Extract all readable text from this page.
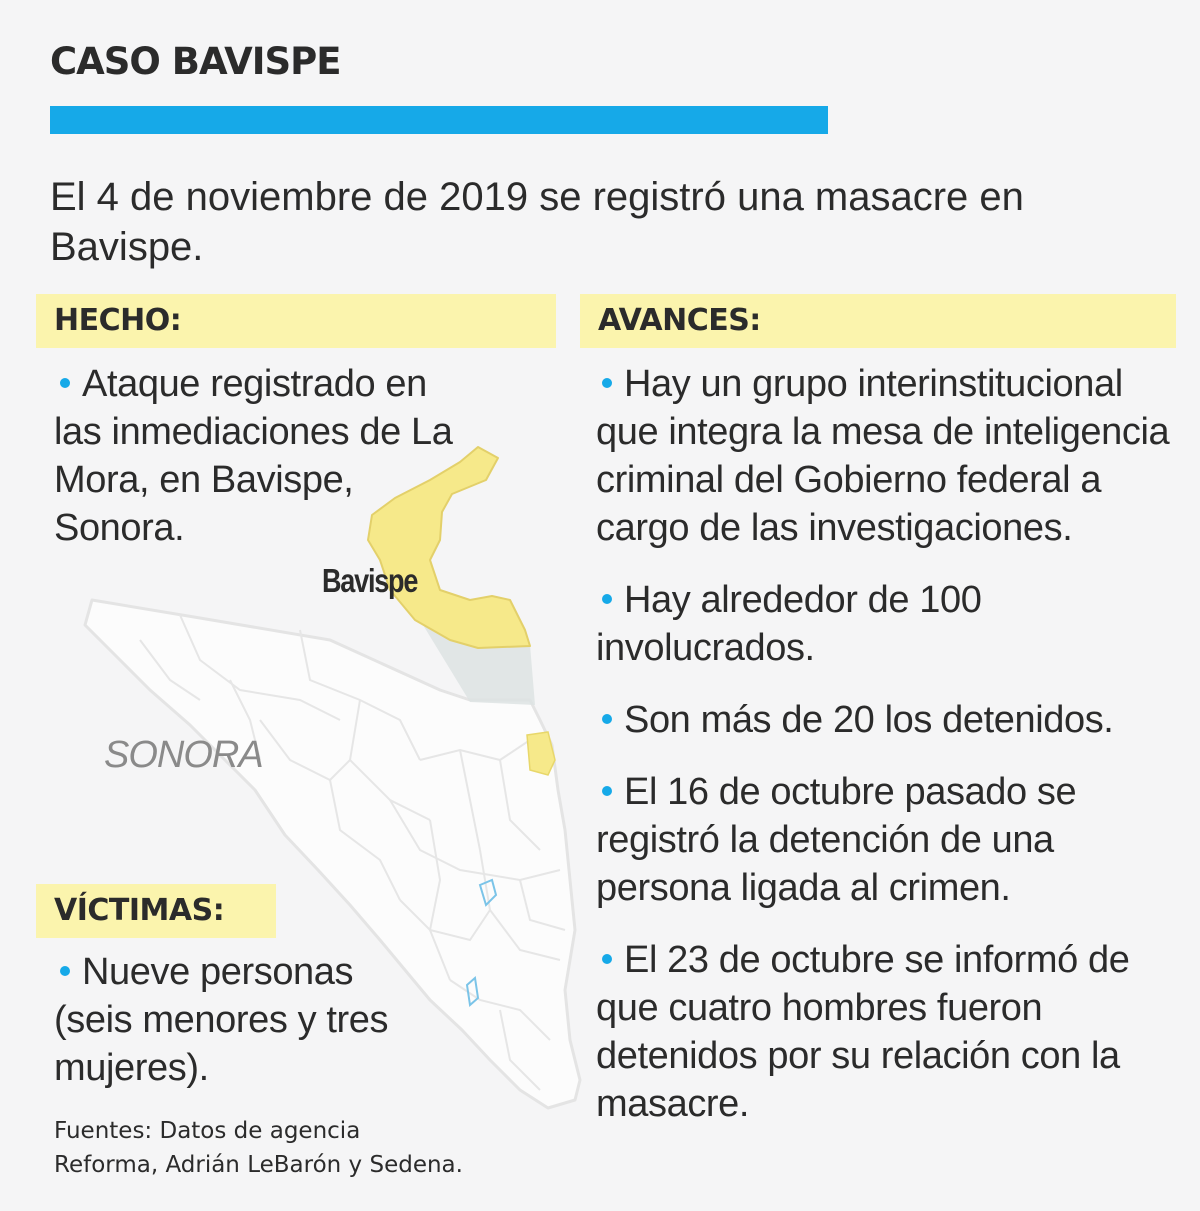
CASO BAVISPE

El 4 de noviembre de 2019 se registró una masacre en Bavispe.

Bavispe
SONORA
HECHO:	AVANCES:
VÍCTIMAS:
Ataque registrado en las inmediaciones de La Mora, en Bavispe, Sonora.
Nueve personas (seis menores y tres mujeres).
Hay un grupo interinstitucional que integra la mesa de inteligencia criminal del Gobierno federal a cargo de las investigaciones.
Hay alrededor de 100 involucrados.
Son más de 20 los detenidos.
El 16 de octubre pasado se registró la detención de una persona ligada al crimen.
El 23 de octubre se informó de que cuatro hombres fueron detenidos por su relación con la masacre.
Fuentes: Datos de agencia
Reforma, Adrián LeBarón y Sedena.
